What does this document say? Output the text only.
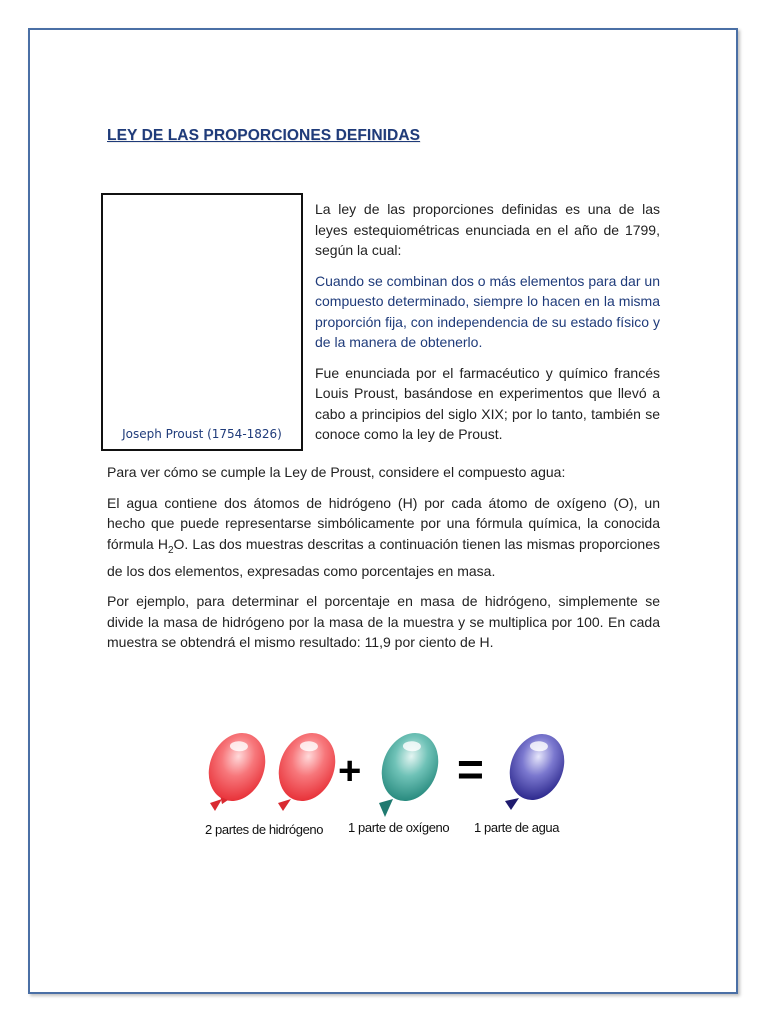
LEY DE LAS PROPORCIONES DEFINIDAS
Joseph Proust (1754-1826)

La ley de las proporciones definidas es una de las leyes estequiométricas enunciada en el año de 1799, según la cual:

Cuando se combinan dos o más elementos para dar un compuesto determinado, siempre lo hacen en la misma proporción fija, con independencia de su estado físico y de la manera de obtenerlo.

Fue enunciada por el farmacéutico y químico francés Louis Proust, basándose en experimentos que llevó a cabo a principios del siglo XIX; por lo tanto, también se conoce como la ley de Proust.

Para ver cómo se cumple la Ley de Proust, considere el compuesto agua:

El agua contiene dos átomos de hidrógeno (H) por cada átomo de oxígeno (O), un hecho que puede representarse simbólicamente por una fórmula química, la conocida fórmula $H_2O$. Las dos muestras descritas a continuación tienen las mismas proporciones de los dos elementos, expresadas como porcentajes en masa.

Por ejemplo, para determinar el porcentaje en masa de hidrógeno, simplemente se divide la masa de hidrógeno por la masa de la muestra y se multiplica por 100. En cada muestra se obtendrá el mismo resultado: 11,9 por ciento de H.

+ =
2 partes de hidrógeno 1 parte de oxígeno 1 parte de agua
